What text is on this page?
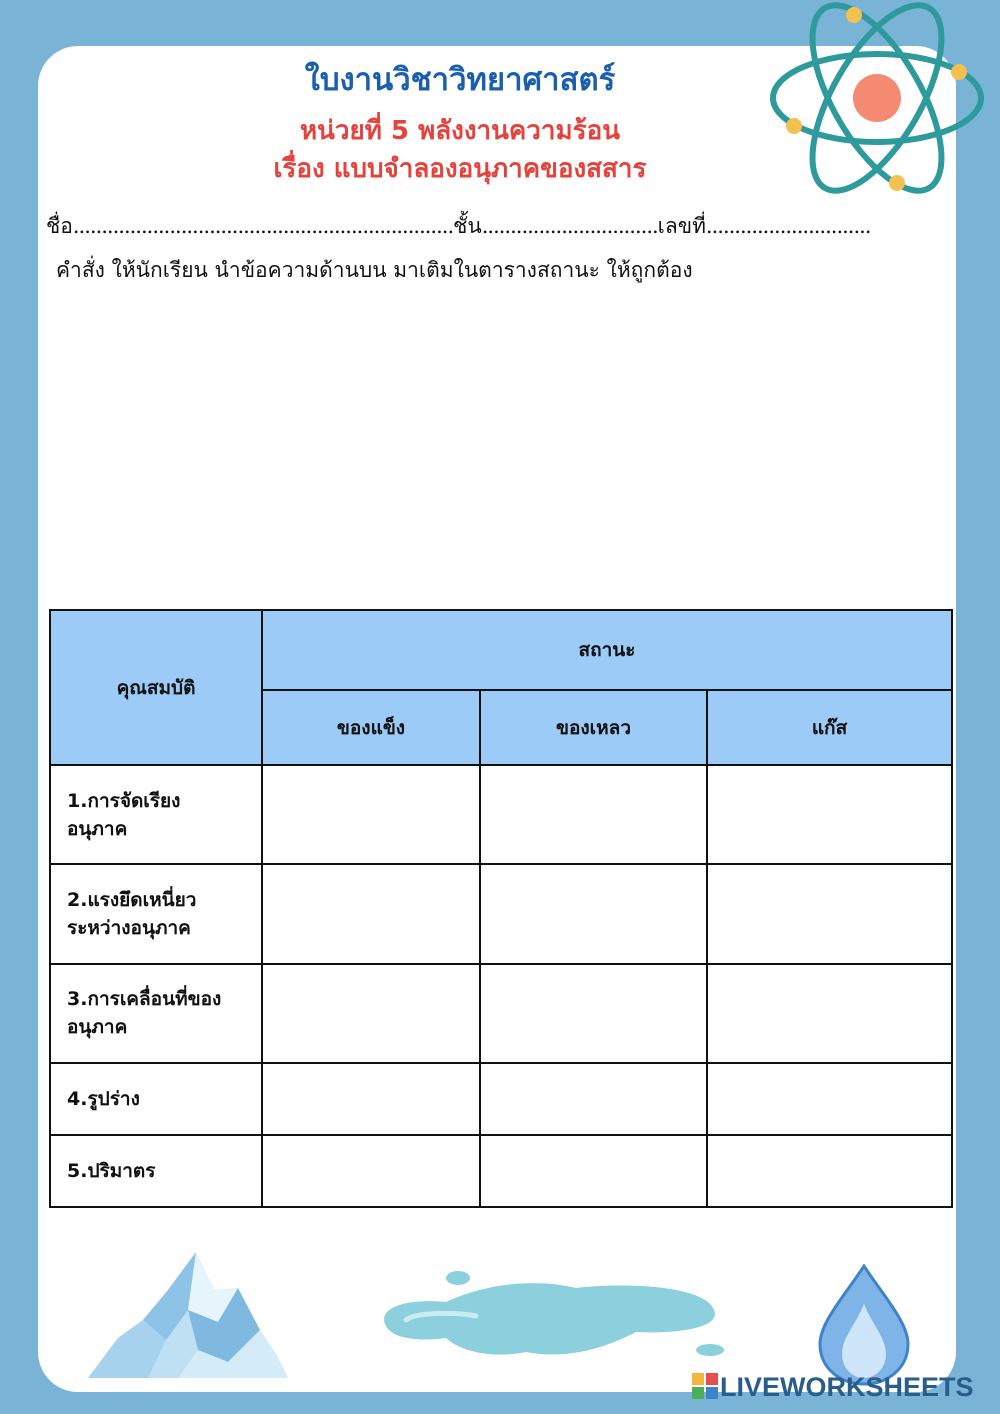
ใบงานวิชาวิทยาศาสตร์
หน่วยที่ 5 พลังงานความร้อน
เรื่อง แบบจำลองอนุภาคของสสาร
ชื่อ...................................................................ชั้น...............................เลขที่.............................
คำสั่ง ให้นักเรียน นำข้อความด้านบน มาเติมในตารางสถานะ ให้ถูกต้อง
คุณสมบัติ	สถานะ		
	ของแข็ง	ของเหลว	แก๊ส

1.การจัดเรียง
อนุภาค			

2.แรงยึดเหนี่ยว
ระหว่างอนุภาค			

3.การเคลื่อนที่ของ
อนุภาค			

4.รูปร่าง			

5.ปริมาตร			

LIVEWORKSHEETS
